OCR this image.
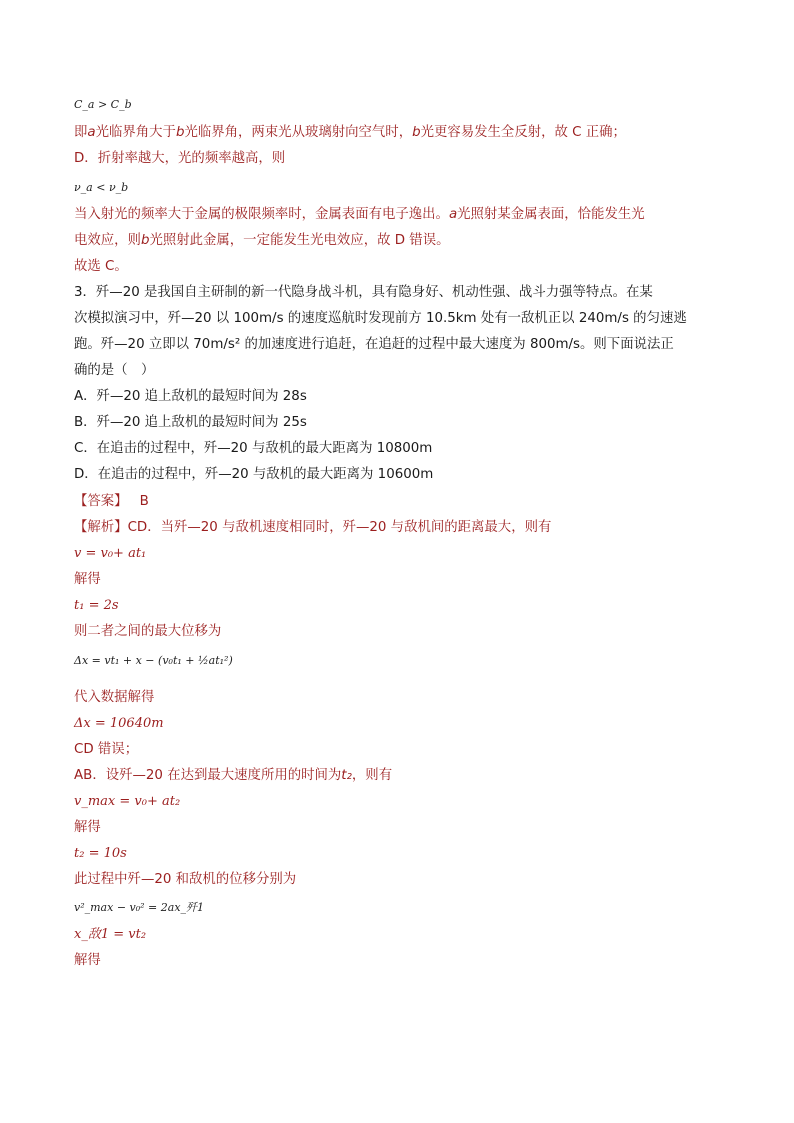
C_a > C_b
即a光临界角大于b光临界角，两束光从玻璃射向空气时，b光更容易发生全反射，故 C 正确；
D．折射率越大，光的频率越高，则
ν_a < ν_b
当入射光的频率大于金属的极限频率时，金属表面有电子逸出。a光照射某金属表面，恰能发生光
电效应，则b光照射此金属，一定能发生光电效应，故 D 错误。
故选 C。
3．歼—20 是我国自主研制的新一代隐身战斗机，具有隐身好、机动性强、战斗力强等特点。在某
次模拟演习中，歼—20 以 100m/s 的速度巡航时发现前方 10.5km 处有一敌机正以 240m/s 的匀速逃
跑。歼—20 立即以 70m/s² 的加速度进行追赶，在追赶的过程中最大速度为 800m/s。则下面说法正
确的是（　）
A．歼—20 追上敌机的最短时间为 28s
B．歼—20 追上敌机的最短时间为 25s
C．在追击的过程中，歼—20 与敌机的最大距离为 10800m
D．在追击的过程中，歼—20 与敌机的最大距离为 10600m
【答案】 B
【解析】CD．当歼—20 与敌机速度相同时，歼—20 与敌机间的距离最大，则有
v = v₀+ at₁
解得
t₁ = 2s
则二者之间的最大位移为
Δx = vt₁ + x − (v₀t₁ + ½at₁²)
代入数据解得
Δx = 10640m
CD 错误；
AB．设歼—20 在达到最大速度所用的时间为t₂，则有
v_max = v₀+ at₂
解得
t₂ = 10s
此过程中歼—20 和敌机的位移分别为
v²_max − v₀² = 2ax_歼1
x_敌1 = vt₂
解得
